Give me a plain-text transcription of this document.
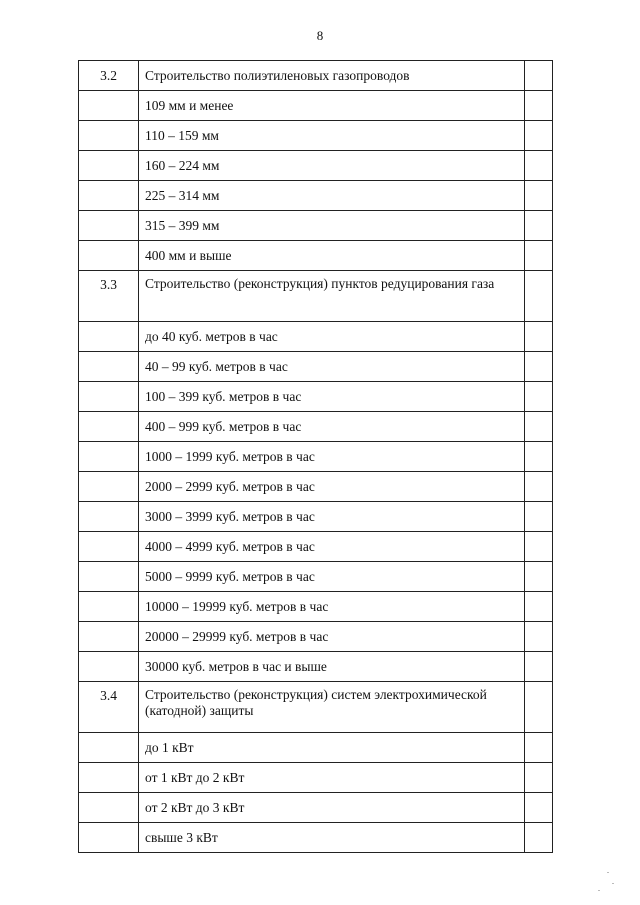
8
3.2	Строительство полиэтиленовых газопроводов	
	109 мм и менее	
	110 – 159 мм	
	160 – 224 мм	
	225 – 314 мм	
	315 – 399 мм	
	400 мм и выше	
3.3	Строительство (реконструкция) пунктов редуцирования газа	
	до 40 куб. метров в час	
	40 – 99 куб. метров в час	
	100 – 399 куб. метров в час	
	400 – 999 куб. метров в час	
	1000 – 1999 куб. метров в час	
	2000 – 2999 куб. метров в час	
	3000 – 3999 куб. метров в час	
	4000 – 4999 куб. метров в час	
	5000 – 9999 куб. метров в час	
	10000 – 19999 куб. метров в час	
	20000 – 29999 куб. метров в час	
	30000 куб. метров в час и выше	
3.4	Строительство (реконструкция) систем электрохимической (катодной) защиты	
	до 1 кВт	
	от 1 кВт до 2 кВт	
	от 2 кВт до 3 кВт	
	свыше 3 кВт	
